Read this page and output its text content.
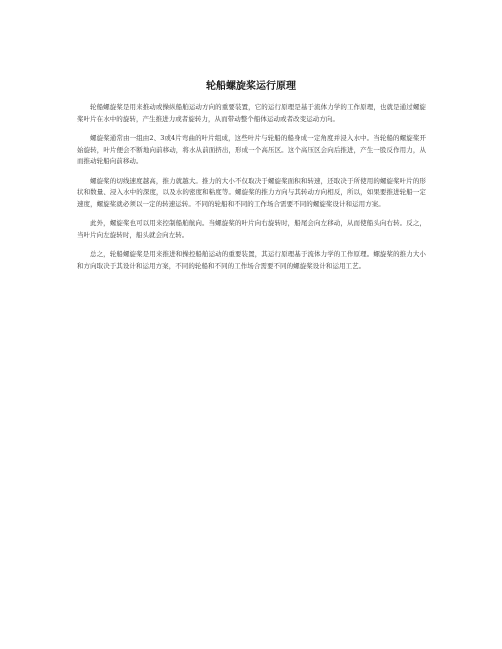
轮船螺旋桨运行原理

轮船螺旋桨是用来推动或操纵船舶运动方向的重要装置，它的运行原理是基于流体力学的工作原理，也就是通过螺旋桨叶片在水中的旋转，产生推进力或者旋转力，从而带动整个船体运动或者改变运动方向。

螺旋桨通常由一组由2、3或4片弯曲的叶片组成，这些叶片与轮船的船身成一定角度并浸入水中。当轮船的螺旋桨开始旋转，叶片便会不断地向前移动，将水从前面挤出，形成一个高压区。这个高压区会向后推进，产生一股反作用力，从而推动轮船向前移动。

螺旋桨的切线速度越高，推力就越大。推力的大小不仅取决于螺旋桨面积和转速，还取决于所使用的螺旋桨叶片的形状和数量、浸入水中的深度，以及水的密度和粘度等。螺旋桨的推力方向与其转动方向相反，所以，如果要推进轮船一定速度，螺旋桨就必须以一定的转速运转。不同的轮船和不同的工作场合需要不同的螺旋桨设计和运用方案。

此外，螺旋桨也可以用来控制船舶航向。当螺旋桨的叶片向右旋转时，船尾会向左移动，从而使船头向右转。反之，当叶片向左旋转时，船头就会向左转。

总之，轮船螺旋桨是用来推进和操控船舶运动的重要装置，其运行原理基于流体力学的工作原理。螺旋桨的推力大小和方向取决于其设计和运用方案，不同的轮船和不同的工作场合需要不同的螺旋桨设计和运用工艺。
